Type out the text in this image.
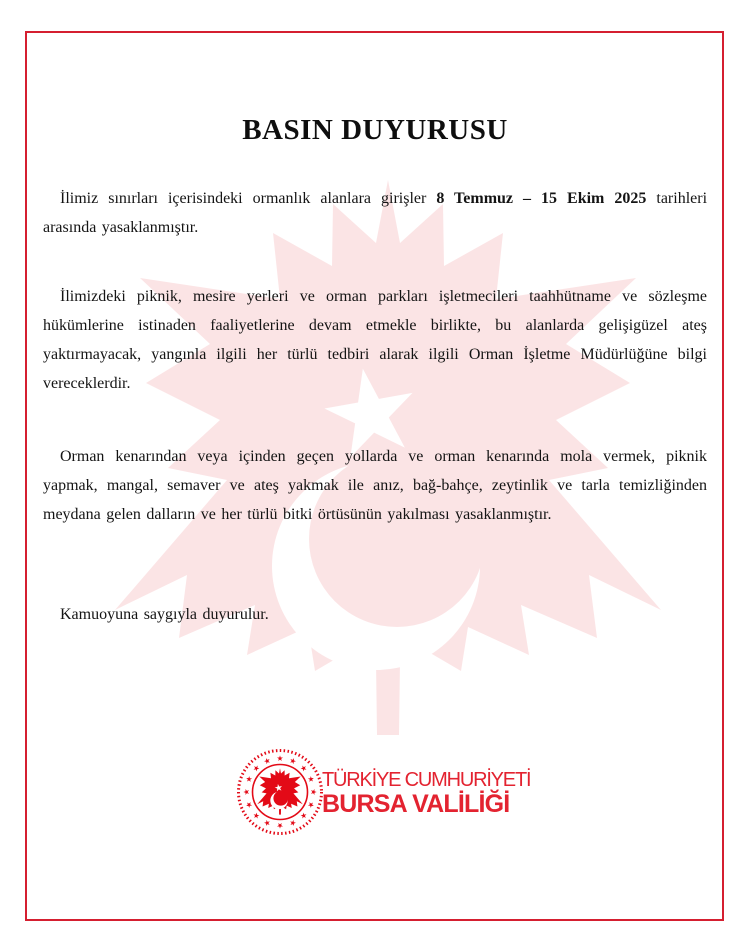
BASIN DUYURUSU

İlimiz sınırları içerisindeki ormanlık alanlara girişler 8 Temmuz – 15 Ekim 2025 tarihleri arasında yasaklanmıştır.

İlimizdeki piknik, mesire yerleri ve orman parkları işletmecileri taahhütname ve sözleşme hükümlerine istinaden faaliyetlerine devam etmekle birlikte, bu alanlarda gelişigüzel ateş yaktırmayacak, yangınla ilgili her türlü tedbiri alarak ilgili Orman İşletme Müdürlüğüne bilgi vereceklerdir.

Orman kenarından veya içinden geçen yollarda ve orman kenarında mola vermek, piknik yapmak, mangal, semaver ve ateş yakmak ile anız, bağ-bahçe, zeytinlik ve tarla temizliğinden meydana gelen dalların ve her türlü bitki örtüsünün yakılması yasaklanmıştır.

Kamuoyuna saygıyla duyurulur.

TÜRKİYE CUMHURİYETİ
BURSA VALİLİĞİ
